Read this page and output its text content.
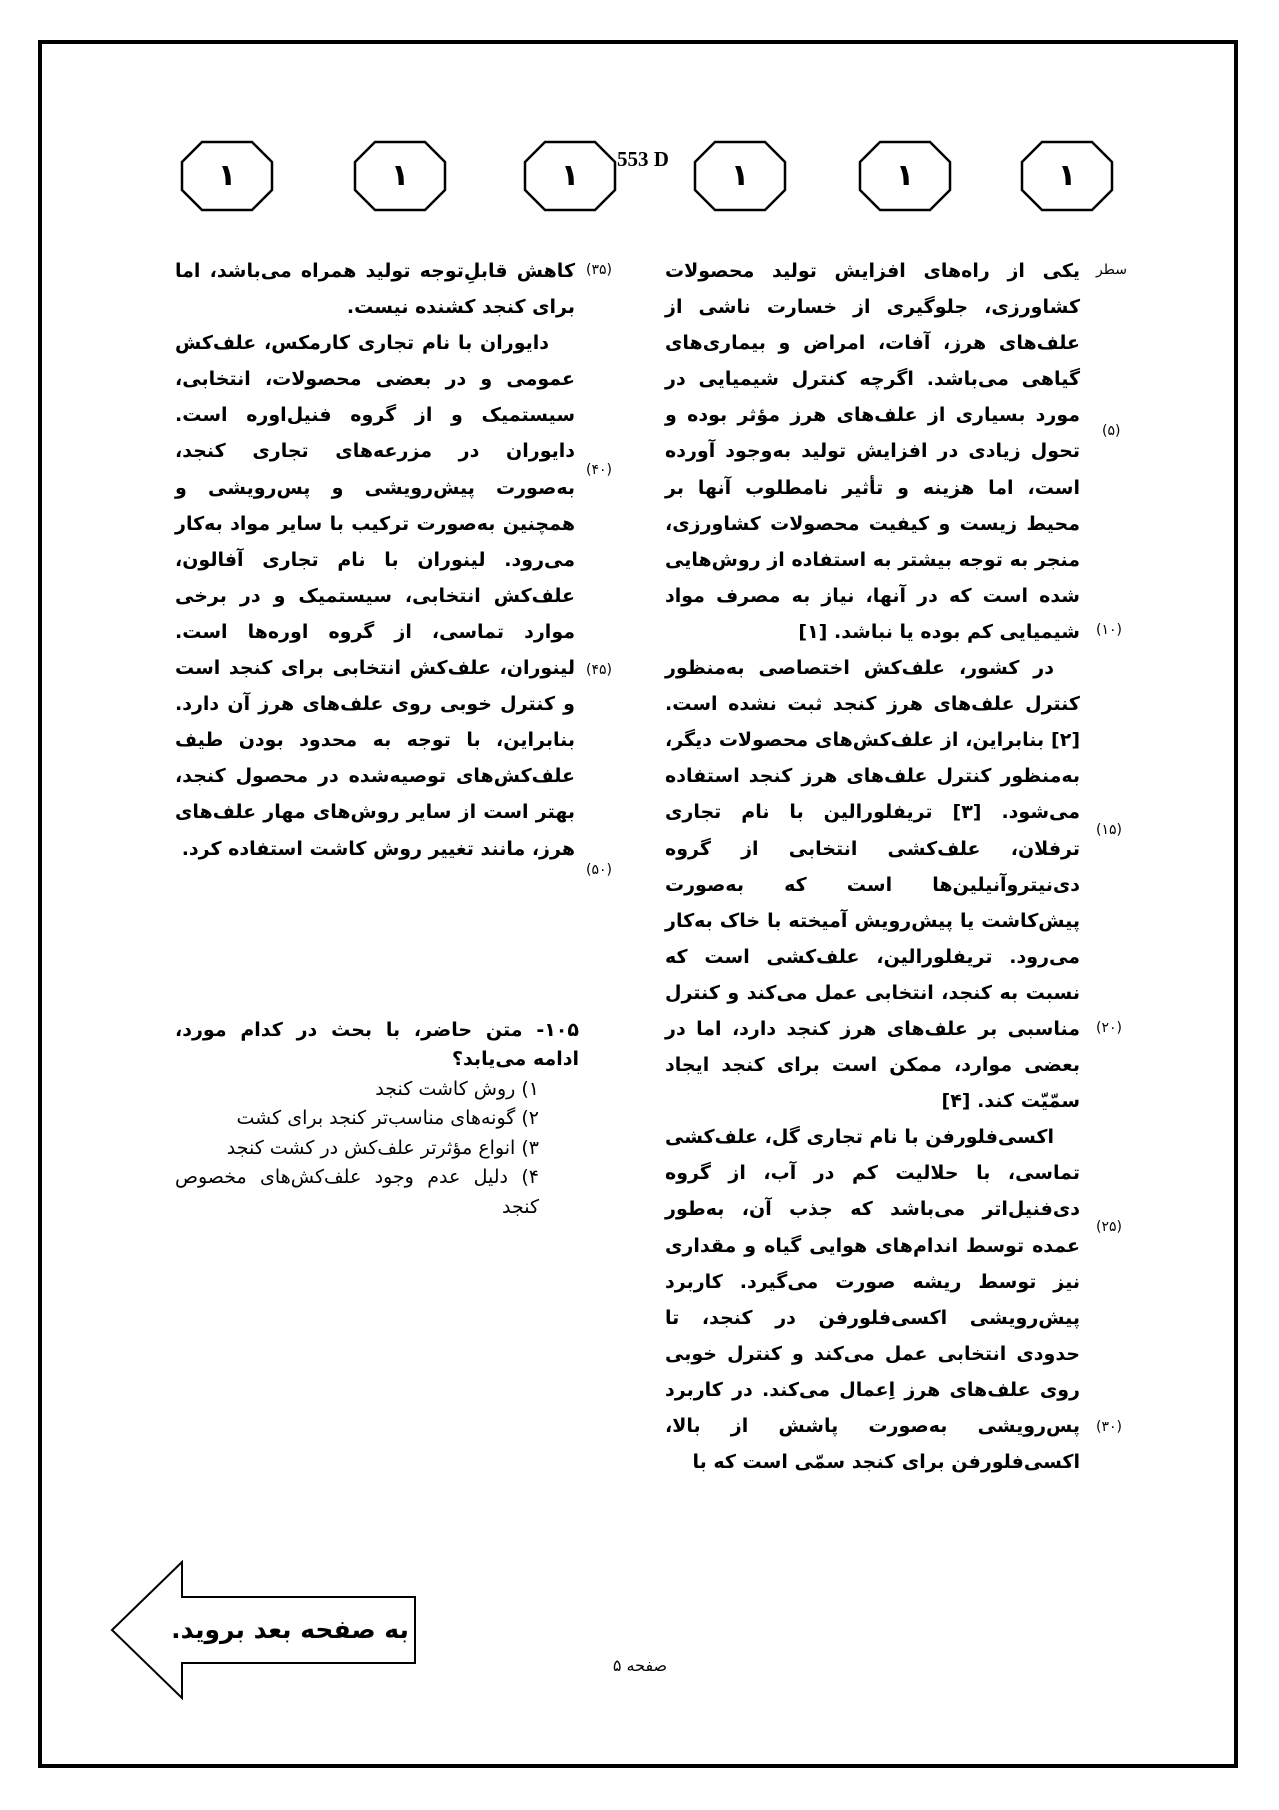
۱	۱	۱	553 D	۱	۱	۱
سطر
(۵)
(۱۰)
(۱۵)
(۲۰)
(۲۵)
(۳۰)
(۳۵)
(۴۰)
(۴۵)
(۵۰)

یکی از راه‌های افزایش تولید محصولات کشاورزی، جلوگیری از خسارت ناشی از علف‌های هرز، آفات، امراض و بیماری‌های گیاهی می‌باشد. اگرچه کنترل شیمیایی در مورد بسیاری از علف‌های هرز مؤثر بوده و تحول زیادی در افزایش تولید به‌وجود آورده است، اما هزینه و تأثیر نامطلوب آنها بر محیط زیست و کیفیت محصولات کشاورزی، منجر به توجه بیشتر به استفاده از روش‌هایی شده است که در آنها، نیاز به مصرف مواد شیمیایی کم بوده یا نباشد. [۱]

در کشور، علف‌کش اختصاصی به‌منظور کنترل علف‌های هرز کنجد ثبت نشده است. [۲] بنابراین، از علف‌کش‌های محصولات دیگر، به‌منظور کنترل علف‌های هرز کنجد استفاده می‌شود. [۳] تریفلورالین با نام تجاری ترفلان، علف‌کشی انتخابی از گروه دی‌نیتروآنیلین‌ها است که به‌صورت پیش‌کاشت یا پیش‌رویش آمیخته با خاک به‌کار می‌رود. تریفلورالین، علف‌کشی است که نسبت به کنجد، انتخابی عمل می‌کند و کنترل مناسبی بر علف‌های هرز کنجد دارد، اما در بعضی موارد، ممکن است برای کنجد ایجاد سمّیّت کند. [۴]

اکسی‌فلورفن با نام تجاری گل، علف‌کشی تماسی، با حلالیت کم در آب، از گروه دی‌فنیل‌اتر می‌باشد که جذب آن، به‌طور عمده توسط اندام‌های هوایی گیاه و مقداری نیز توسط ریشه صورت می‌گیرد. کاربرد پیش‌رویشی اکسی‌فلورفن در کنجد، تا حدودی انتخابی عمل می‌کند و کنترل خوبی روی علف‌های هرز اِعمال می‌کند. در کاربرد پس‌رویشی به‌صورت پاشش از بالا، اکسی‌فلورفن برای کنجد سمّی است که با

کاهش قابلِ‌توجه تولید همراه می‌باشد، اما برای کنجد کشنده نیست.

دایوران با نام تجاری کارمکس، علف‌کش عمومی و در بعضی محصولات، انتخابی، سیستمیک و از گروه فنیل‌اوره است. دایوران در مزرعه‌های تجاری کنجد، به‌صورت پیش‌رویشی و پس‌رویشی و همچنین به‌صورت ترکیب با سایر مواد به‌کار می‌رود. لینوران با نام تجاری آفالون، علف‌کش انتخابی، سیستمیک و در برخی موارد تماسی، از گروه اوره‌ها است. لینوران، علف‌کش انتخابی برای کنجد است و کنترل خوبی روی علف‌های هرز آن دارد. بنابراین، با توجه به محدود بودن طیف علف‌کش‌های توصیه‌شده در محصول کنجد، بهتر است از سایر روش‌های مهار علف‌های هرز، مانند تغییر روش کاشت استفاده کرد.

۱۰۵- متن حاضر، با بحث در کدام مورد، ادامه می‌یابد؟
۱) روش کاشت کنجد
۲) گونه‌های مناسب‌تر کنجد برای کشت
۳) انواع مؤثرتر علف‌کش در کشت کنجد
۴) دلیل عدم وجود علف‌کش‌های مخصوص کنجد
به صفحه بعد بروید.
صفحه ۵
